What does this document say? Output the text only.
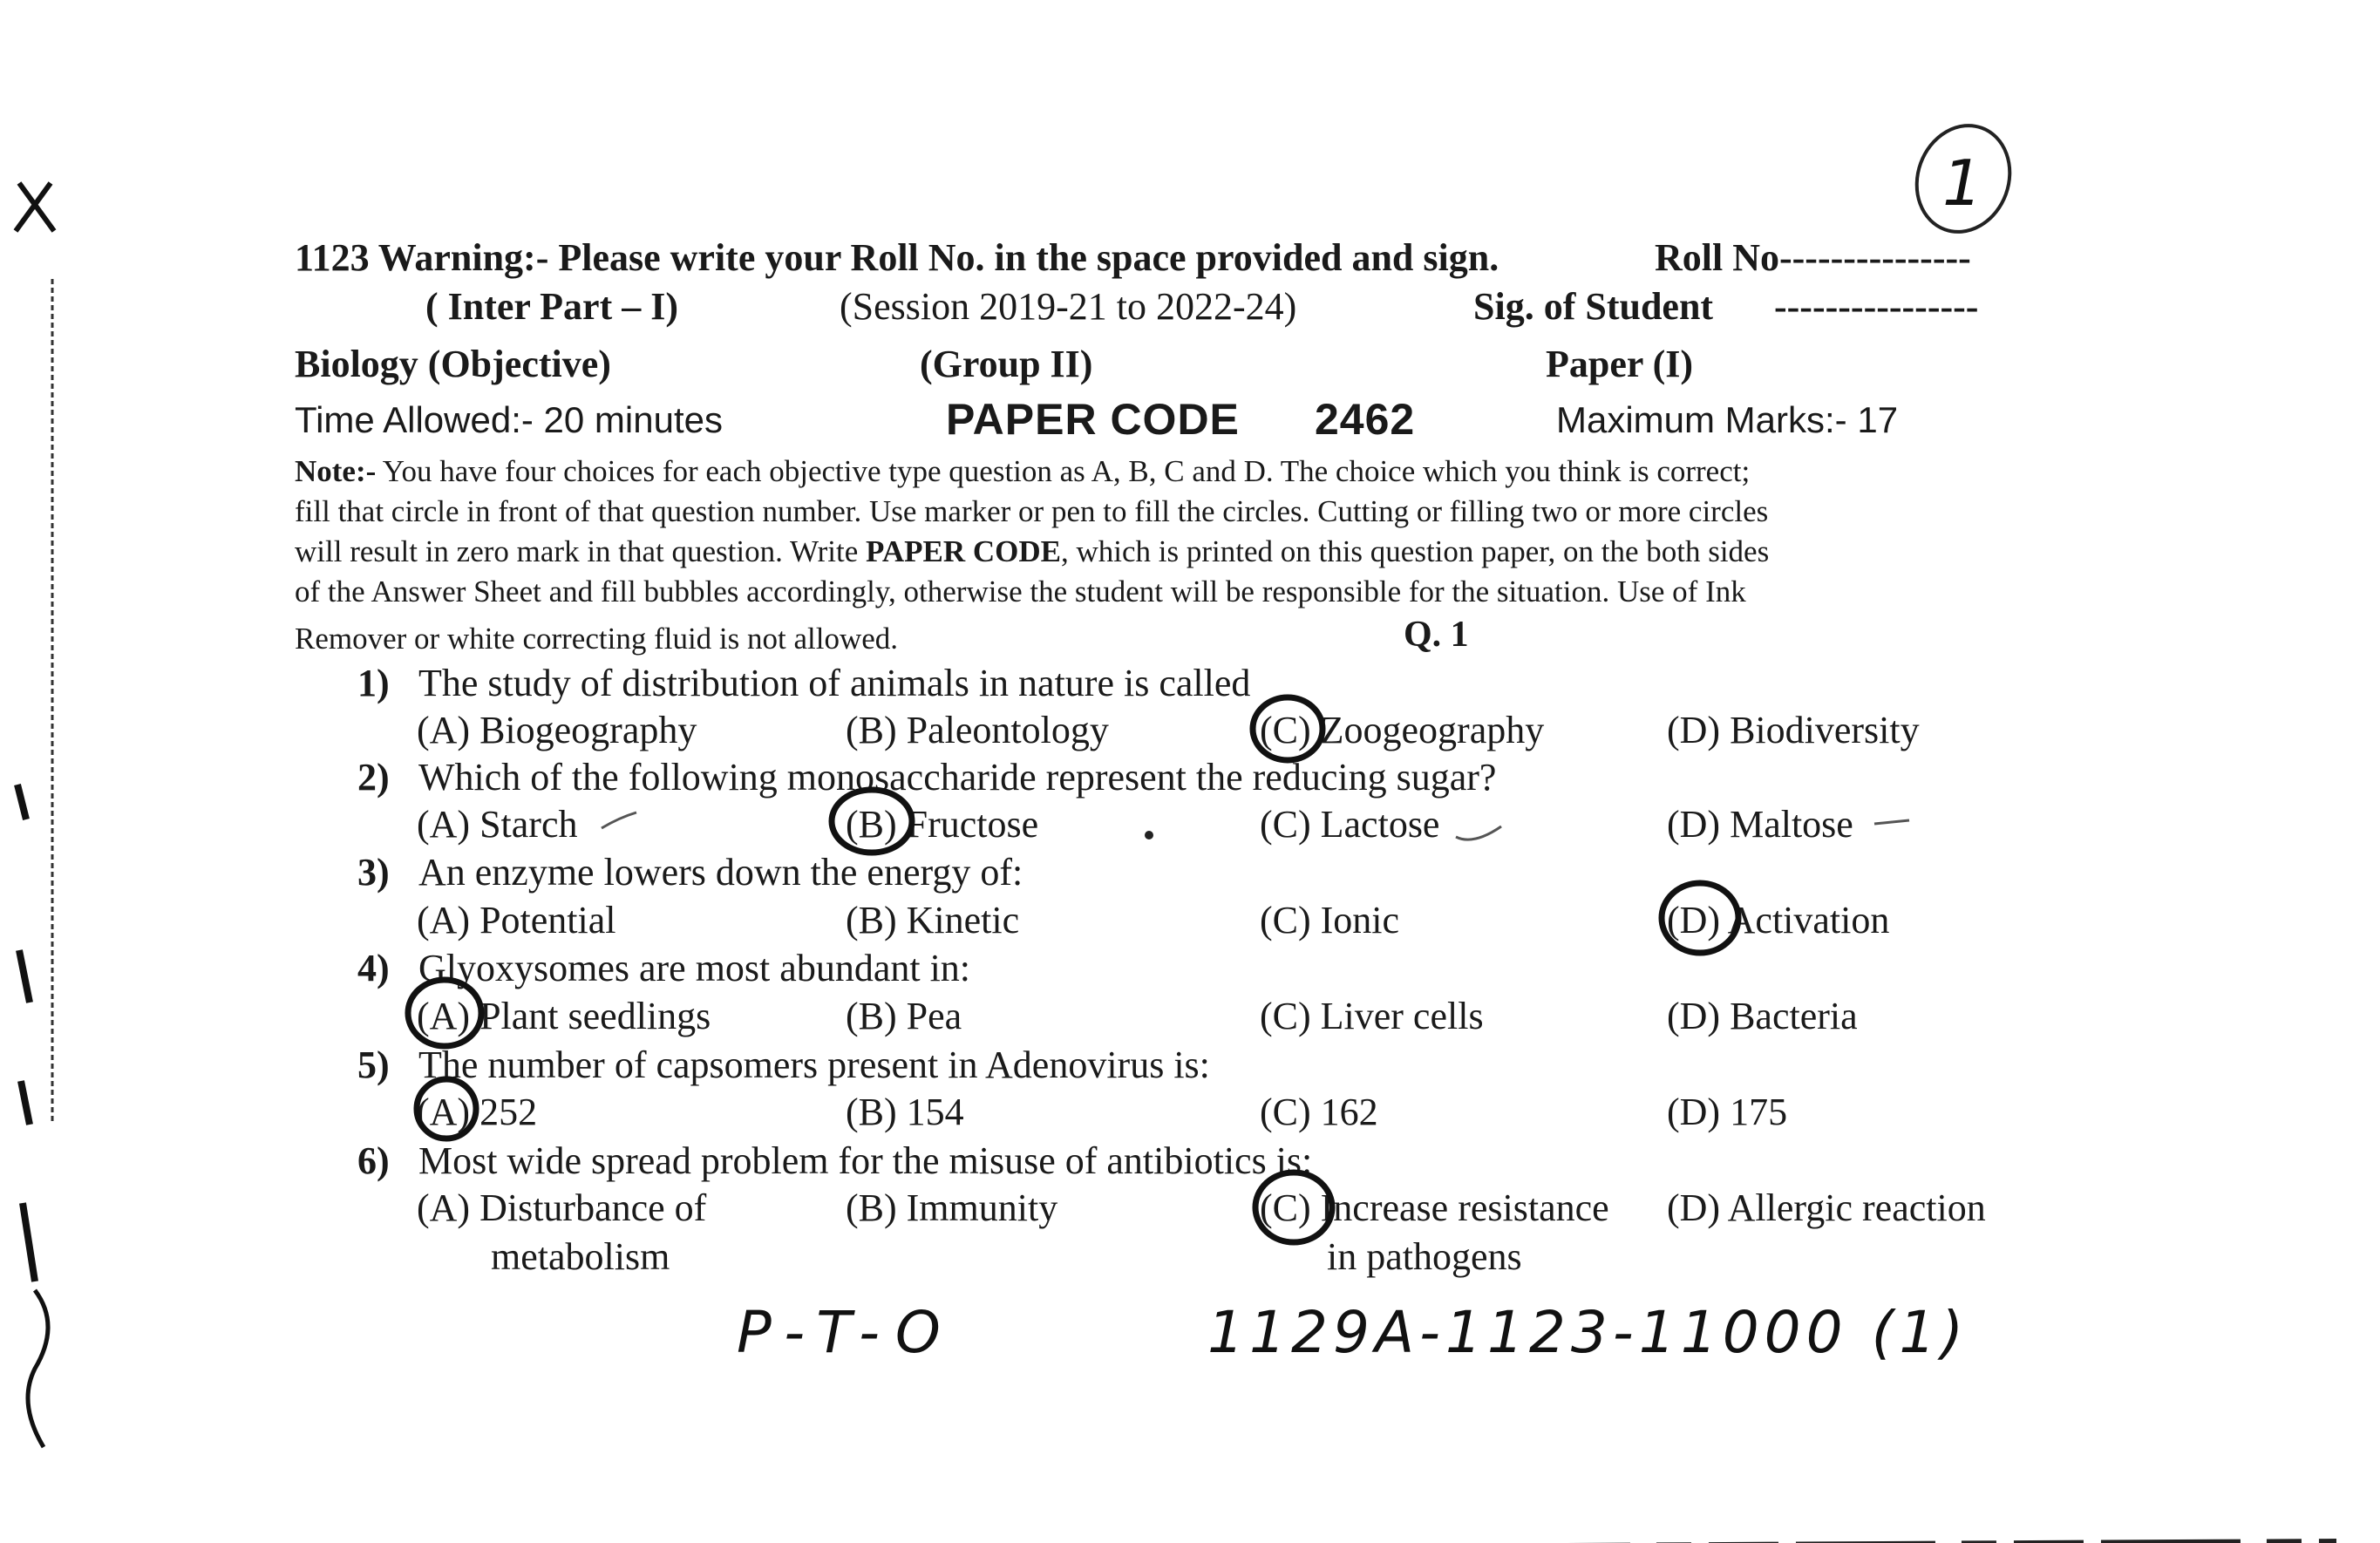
1123 Warning:- Please write your Roll No. in the space provided and sign.	Roll No---------------
( Inter Part – I)	(Session 2019-21 to 2022-24)	Sig. of Student ----------------
Biology (Objective)	(Group II)	Paper (I)
Time Allowed:- 20 minutes	PAPER CODE 2462	Maximum Marks:- 17
Note:- You have four choices for each objective type question as A, B, C and D. The choice which you think is correct;
fill that circle in front of that question number. Use marker or pen to fill the circles. Cutting or filling two or more circles
will result in zero mark in that question. Write PAPER CODE, which is printed on this question paper, on the both sides
of the Answer Sheet and fill bubbles accordingly, otherwise the student will be responsible for the situation. Use of Ink
Remover or white correcting fluid is not allowed.	Q. 1
1) The study of distribution of animals in nature is called
(A) Biogeography	(B) Paleontology	(C) Zoogeography	(D) Biodiversity
2) Which of the following monosaccharide represent the reducing sugar?
(A) Starch	(B) Fructose	(C) Lactose	(D) Maltose
3) An enzyme lowers down the energy of:
(A) Potential	(B) Kinetic	(C) Ionic	(D) Activation
4) Glyoxysomes are most abundant in:
(A) Plant seedlings	(B) Pea	(C) Liver cells	(D) Bacteria
5) The number of capsomers present in Adenovirus is:
(A) 252	(B) 154	(C) 162	(D) 175
6) Most wide spread problem for the misuse of antibiotics is:
(A) Disturbance of	(B) Immunity	(C) Increase resistance (D) Allergic reaction
metabolism	in pathogens
P-T-O	1129A-1123-11000 (1)
1
